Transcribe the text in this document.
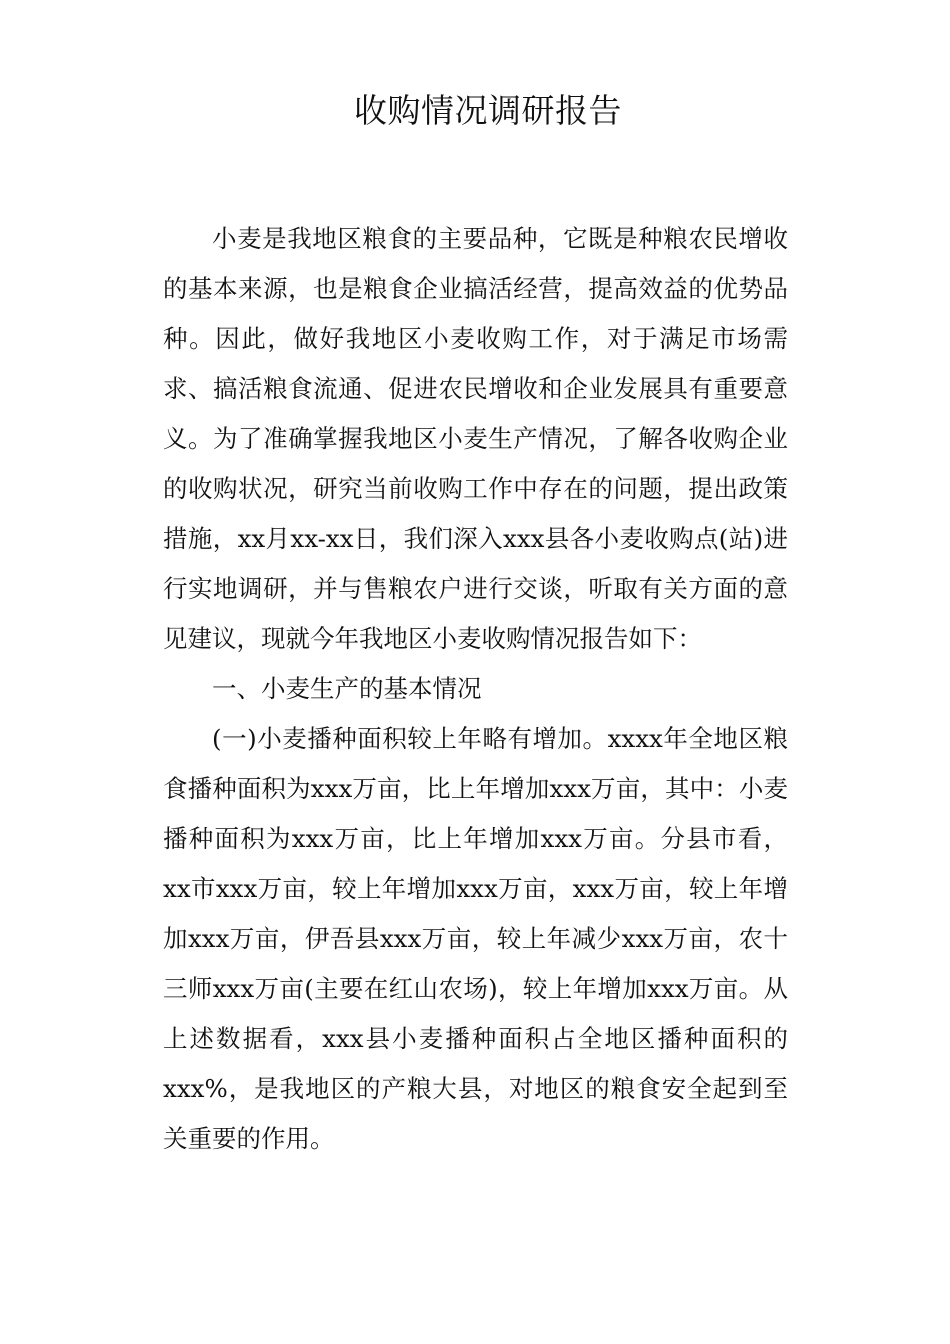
收购情况调研报告

小麦是我地区粮食的主要品种，它既是种粮农民增收的基本来源，也是粮食企业搞活经营，提高效益的优势品种。因此，做好我地区小麦收购工作，对于满足市场需求、搞活粮食流通、促进农民增收和企业发展具有重要意义。为了准确掌握我地区小麦生产情况，了解各收购企业的收购状况，研究当前收购工作中存在的问题，提出政策措施，xx月xx-xx日，我们深入xxx县各小麦收购点(站)进行实地调研，并与售粮农户进行交谈，听取有关方面的意见建议，现就今年我地区小麦收购情况报告如下：

一、小麦生产的基本情况

(一)小麦播种面积较上年略有增加。xxxx年全地区粮食播种面积为xxx万亩，比上年增加xxx万亩，其中：小麦播种面积为xxx万亩，比上年增加xxx万亩。分县市看，xx市xxx万亩，较上年增加xxx万亩，xxx万亩，较上年增加xxx万亩，伊吾县xxx万亩，较上年减少xxx万亩，农十三师xxx万亩(主要在红山农场)，较上年增加xxx万亩。从上述数据看，xxx县小麦播种面积占全地区播种面积的xxx%，是我地区的产粮大县，对地区的粮食安全起到至关重要的作用。
